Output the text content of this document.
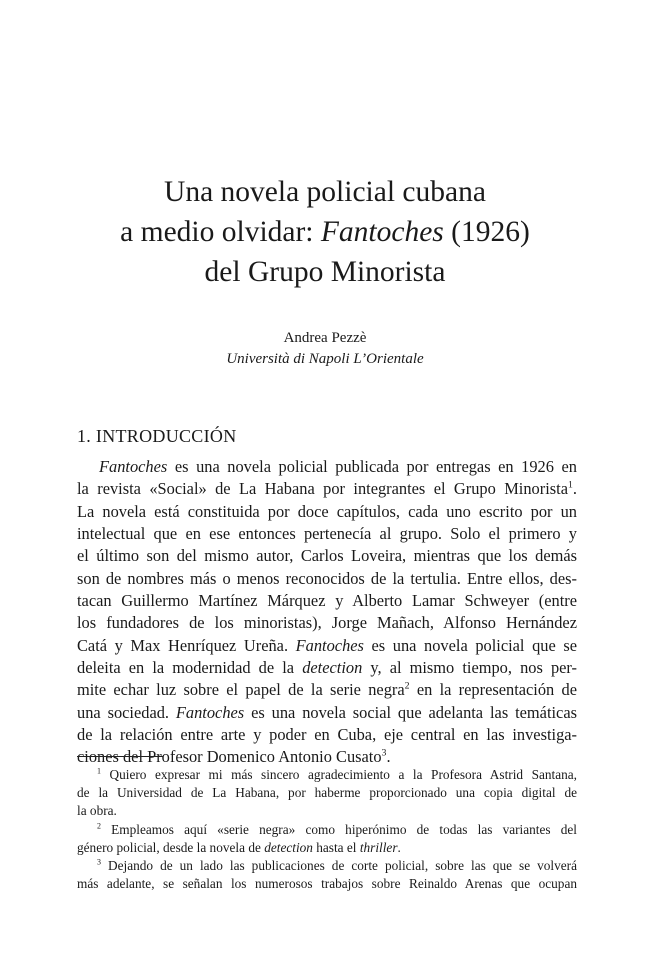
Una novela policial cubana
a medio olvidar: Fantoches (1926)
del Grupo Minorista
Andrea Pezzè
Università di Napoli L’Orientale
1. INTRODUCCIÓN
Fantoches es una novela policial publicada por entregas en 1926 en
la revista «Social» de La Habana por integrantes el Grupo Minorista$^1$.
La novela está constituida por doce capítulos, cada uno escrito por un
intelectual que en ese entonces pertenecía al grupo. Solo el primero y
el último son del mismo autor, Carlos Loveira, mientras que los demás
son de nombres más o menos reconocidos de la tertulia. Entre ellos, des-
tacan Guillermo Martínez Márquez y Alberto Lamar Schweyer (entre
los fundadores de los minoristas), Jorge Mañach, Alfonso Hernández
Catá y Max Henríquez Ureña. Fantoches es una novela policial que se
deleita en la modernidad de la detection y, al mismo tiempo, nos per-
mite echar luz sobre el papel de la serie negra$^2$ en la representación de
una sociedad. Fantoches es una novela social que adelanta las temáticas
de la relación entre arte y poder en Cuba, eje central en las investiga-
ciones del Profesor Domenico Antonio Cusato$^3$.
$^1$ Quiero expresar mi más sincero agradecimiento a la Profesora Astrid Santana,
de la Universidad de La Habana, por haberme proporcionado una copia digital de
la obra.
$^2$ Empleamos aquí «serie negra» como hiperónimo de todas las variantes del
género policial, desde la novela de detection hasta el thriller.
$^3$ Dejando de un lado las publicaciones de corte policial, sobre las que se volverá
más adelante, se señalan los numerosos trabajos sobre Reinaldo Arenas que ocupan
